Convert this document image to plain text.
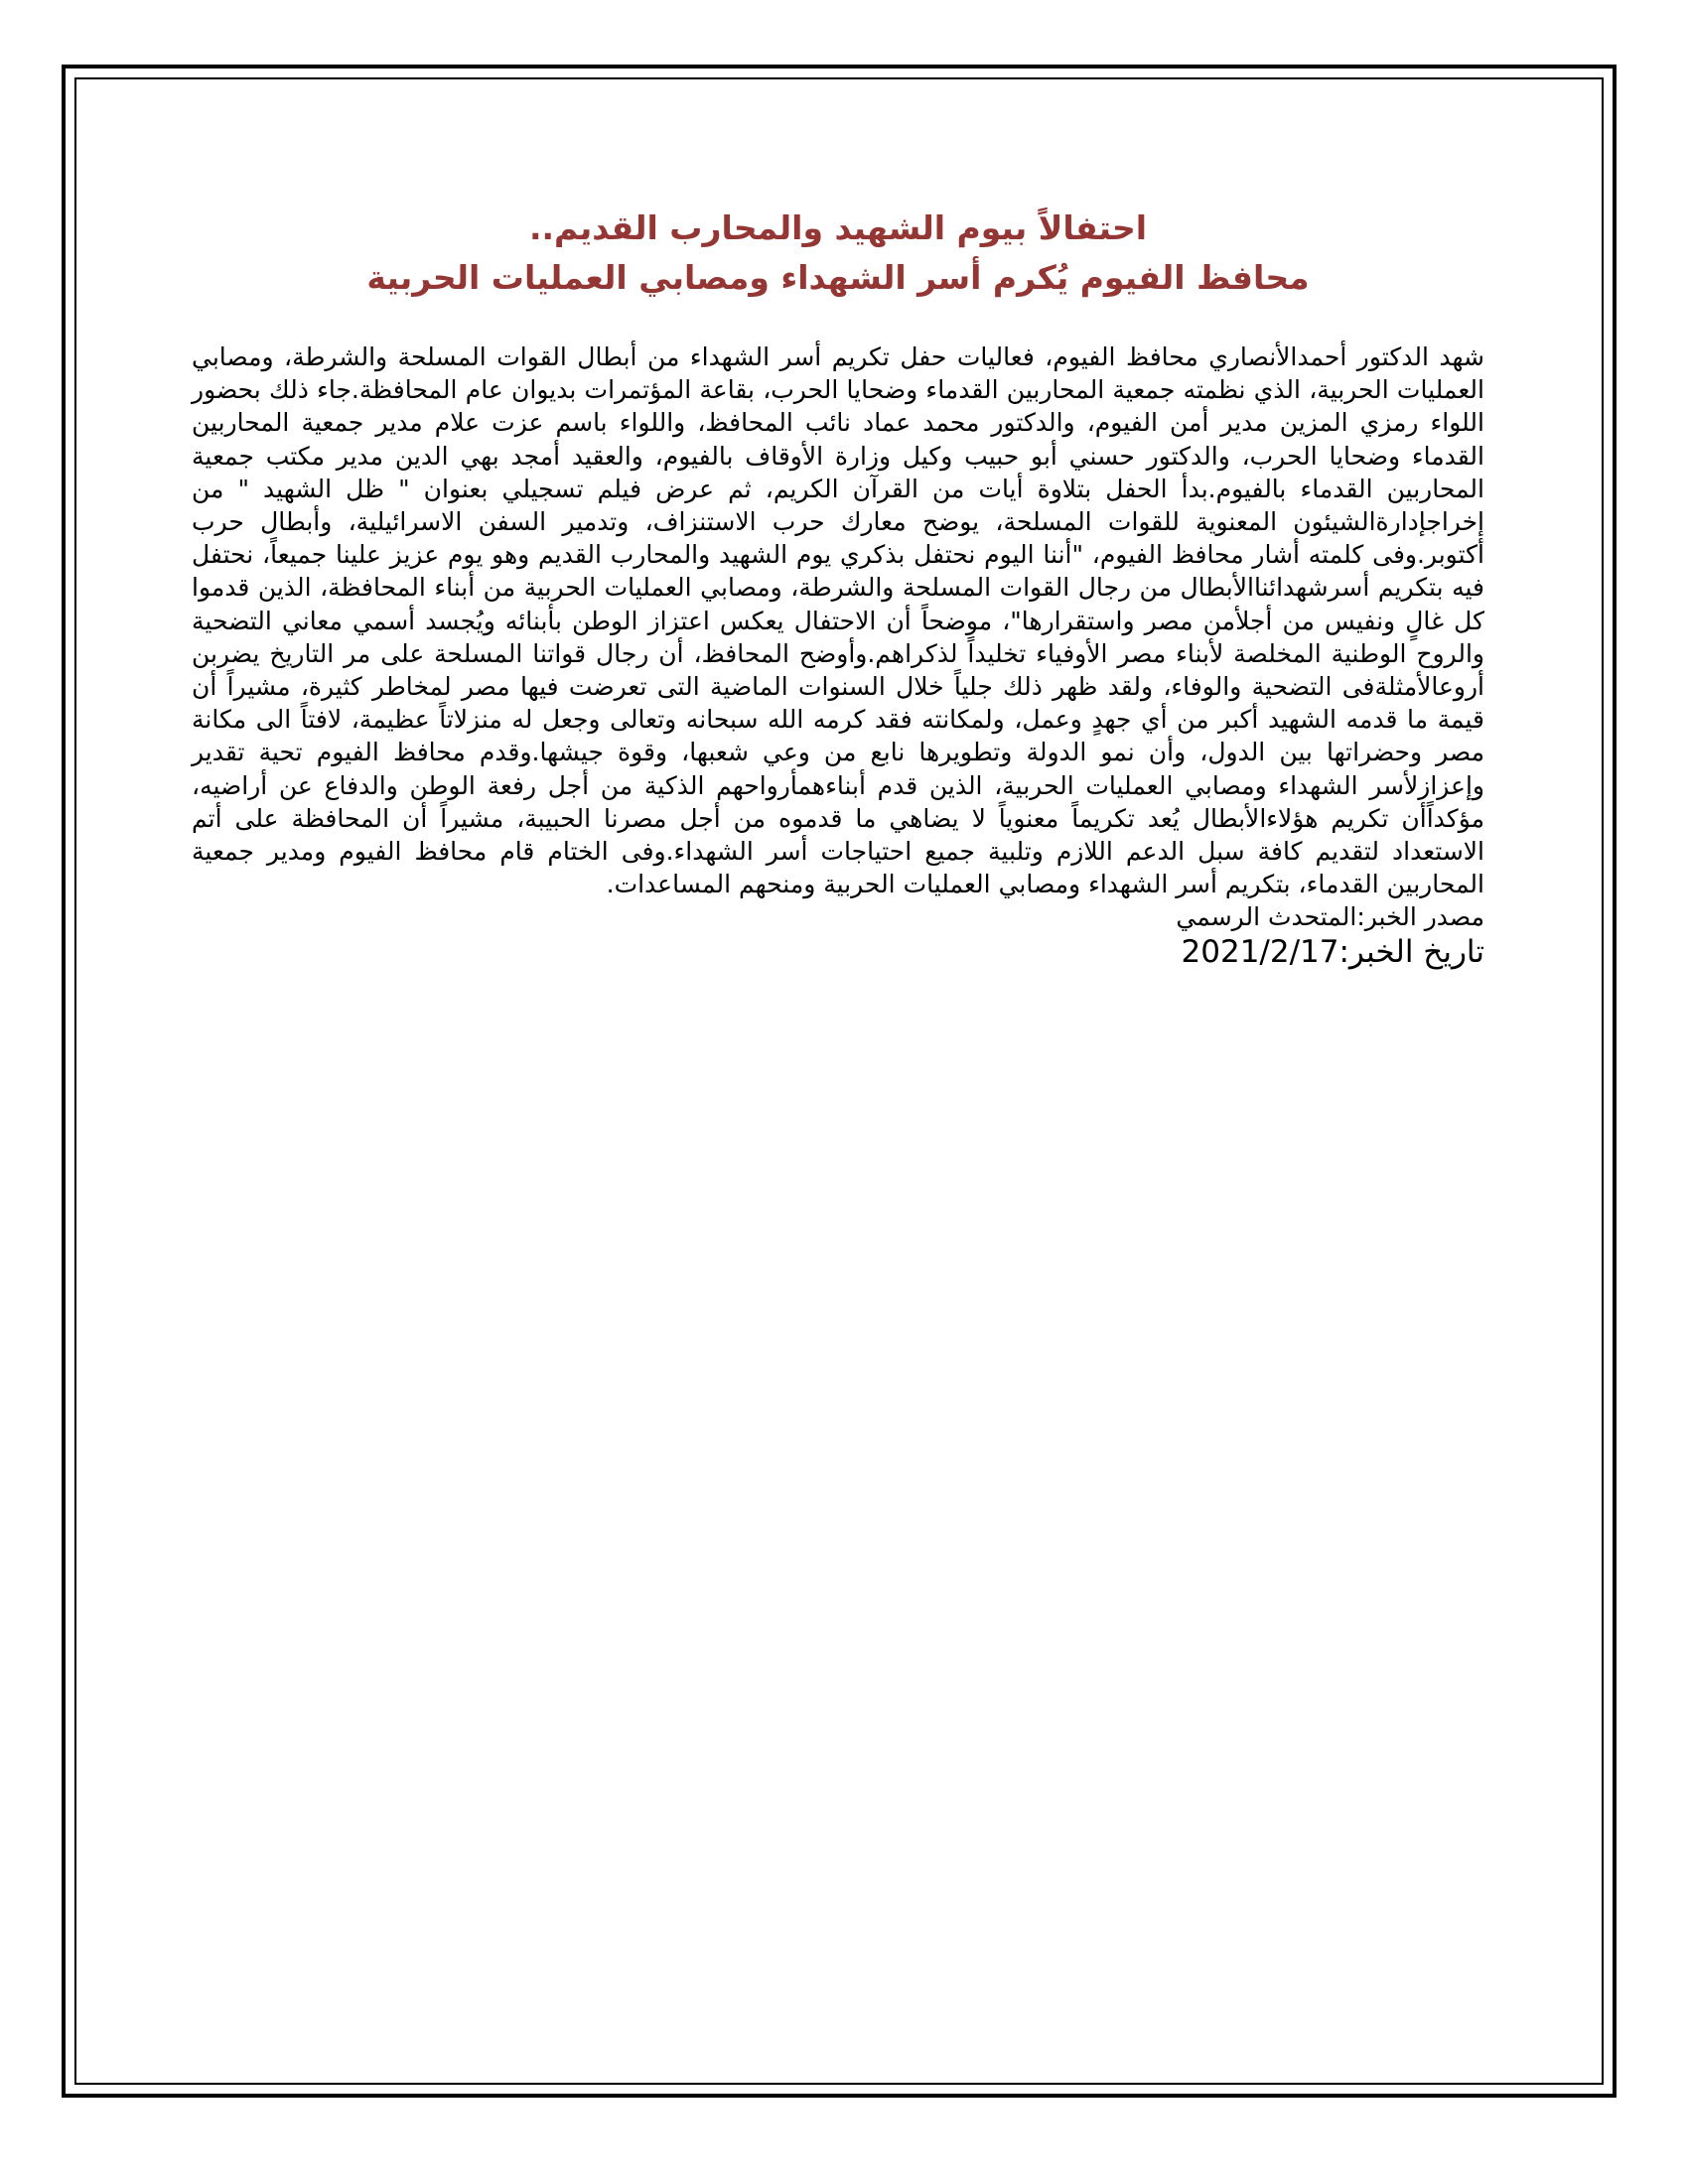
احتفالاً بيوم الشهيد والمحارب القديم..
محافظ الفيوم يُكرم أسر الشهداء ومصابي العمليات الحربية

شهد الدكتور أحمدالأنصاري محافظ الفيوم، فعاليات حفل تكريم أسر الشهداء من أبطال القوات المسلحة والشرطة، ومصابي العمليات الحربية، الذي نظمته جمعية المحاربين القدماء وضحايا الحرب، بقاعة المؤتمرات بديوان عام المحافظة.جاء ذلك بحضور اللواء رمزي المزين مدير أمن الفيوم، والدكتور محمد عماد نائب المحافظ، واللواء باسم عزت علام مدير جمعية المحاربين القدماء وضحايا الحرب، والدكتور حسني أبو حبيب وكيل وزارة الأوقاف بالفيوم، والعقيد أمجد بهي الدين مدير مكتب جمعية المحاربين القدماء بالفيوم.بدأ الحفل بتلاوة أيات من القرآن الكريم، ثم عرض فيلم تسجيلي بعنوان " ظل الشهيد " من إخراجإدارةالشيئون المعنوية للقوات المسلحة، يوضح معارك حرب الاستنزاف، وتدمير السفن الاسرائيلية، وأبطال حرب أكتوبر.وفى كلمته أشار محافظ الفيوم، "أننا اليوم نحتفل بذكري يوم الشهيد والمحارب القديم وهو يوم عزيز علينا جميعاً، نحتفل فيه بتكريم أسرشهدائناالأبطال من رجال القوات المسلحة والشرطة، ومصابي العمليات الحربية من أبناء المحافظة، الذين قدموا كل غالٍ ونفيس من أجلأمن مصر واستقرارها"، موضحاً أن الاحتفال يعكس اعتزاز الوطن بأبنائه ويُجسد أسمي معاني التضحية والروح الوطنية المخلصة لأبناء مصر الأوفياء تخليداً لذكراهم.وأوضح المحافظ، أن رجال قواتنا المسلحة على مر التاريخ يضربن أروعالأمثلةفى التضحية والوفاء، ولقد ظهر ذلك جلياً خلال السنوات الماضية التى تعرضت فيها مصر لمخاطر كثيرة، مشيراً أن قيمة ما قدمه الشهيد أكبر من أي جهدٍ وعمل، ولمكانته فقد كرمه الله سبحانه وتعالى وجعل له منزلاتاً عظيمة، لافتاً الى مكانة مصر وحضراتها بين الدول، وأن نمو الدولة وتطويرها نابع من وعي شعبها، وقوة جيشها.وقدم محافظ الفيوم تحية تقدير وإعزازلأسر الشهداء ومصابي العمليات الحربية، الذين قدم أبناءهمأرواحهم الذكية من أجل رفعة الوطن والدفاع عن أراضيه، مؤكداًأن تكريم هؤلاءالأبطال يُعد تكريماً معنوياً لا يضاهي ما قدموه من أجل مصرنا الحبيبة، مشيراً أن المحافظة على أتم الاستعداد لتقديم كافة سبل الدعم اللازم وتلبية جميع احتياجات أسر الشهداء.وفى الختام قام محافظ الفيوم ومدير جمعية المحاربين القدماء، بتكريم أسر الشهداء ومصابي العمليات الحربية ومنحهم المساعدات.

مصدر الخبر:المتحدث الرسمي

تاريخ الخبر:2021/2/17
